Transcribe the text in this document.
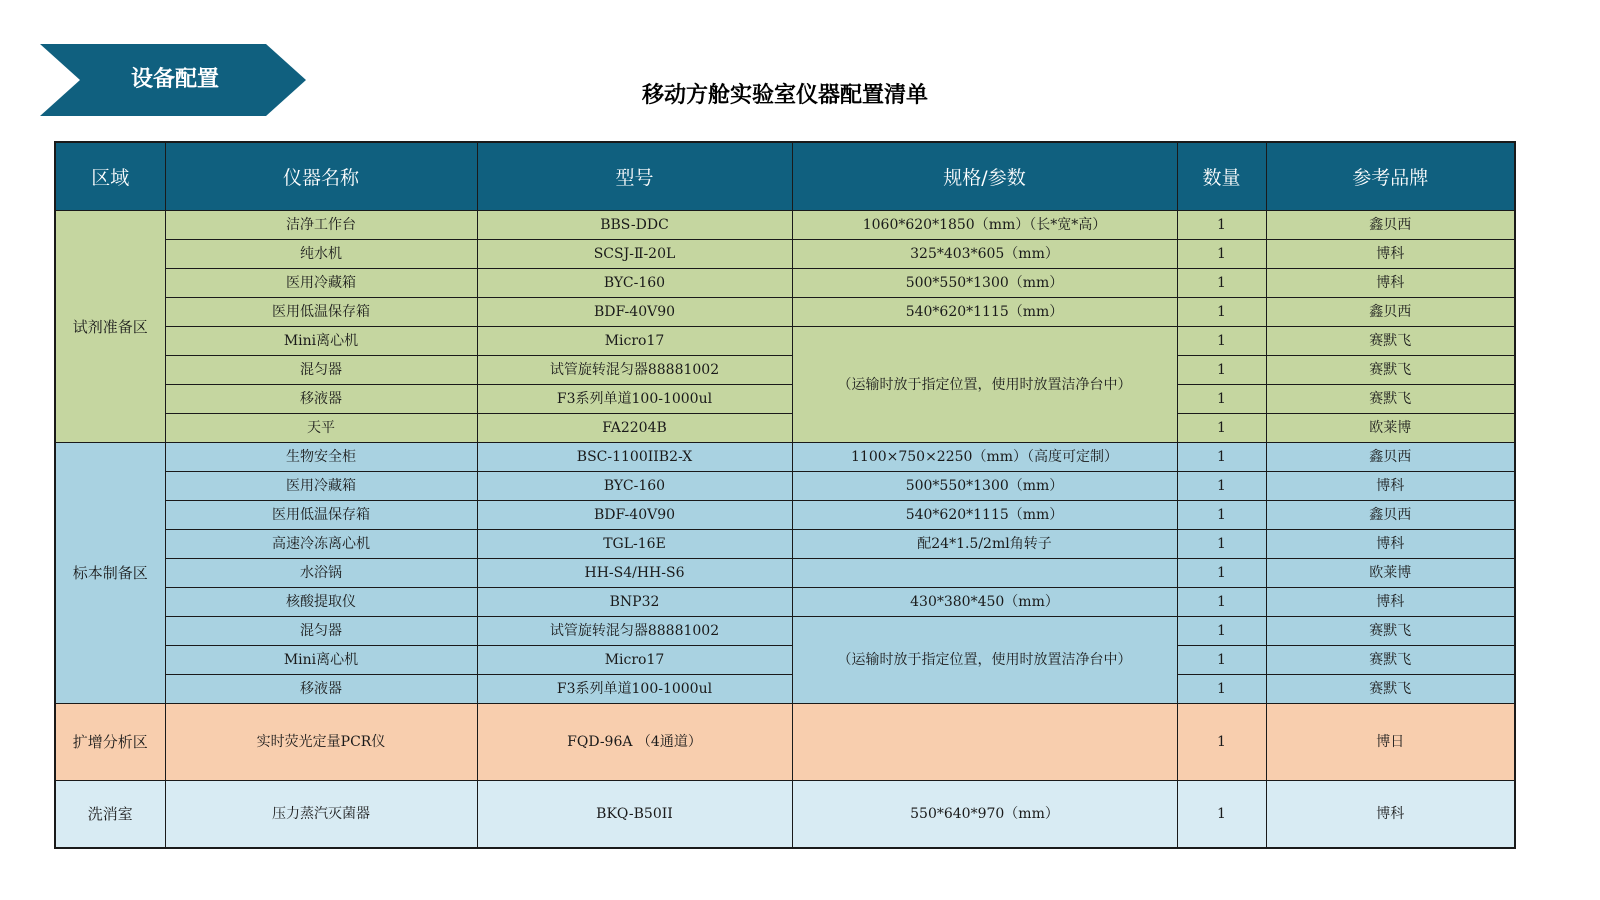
设备配置
移动方舱实验室仪器配置清单
区域	仪器名称	型号	规格/参数	数量	参考品牌
试剂准备区	洁净工作台	BBS-DDC	1060*620*1850（mm）（长*宽*高）	1	鑫贝西
	纯水机	SCSJ-Ⅱ-20L	325*403*605（mm）	1	博科
	医用冷藏箱	BYC-160	500*550*1300（mm）	1	博科
	医用低温保存箱	BDF-40V90	540*620*1115（mm）	1	鑫贝西
	Mini离心机	Micro17	（运输时放于指定位置，使用时放置洁净台中）	1	赛默飞
	混匀器	试管旋转混匀器88881002		1	赛默飞
	移液器	F3系列单道100-1000ul		1	赛默飞
	天平	FA2204B		1	欧莱博
标本制备区	生物安全柜	BSC-1100IIB2-X	1100×750×2250（mm）（高度可定制）	1	鑫贝西
	医用冷藏箱	BYC-160	500*550*1300（mm）	1	博科
	医用低温保存箱	BDF-40V90	540*620*1115（mm）	1	鑫贝西
	高速冷冻离心机	TGL-16E	配24*1.5/2ml角转子	1	博科
	水浴锅	HH-S4/HH-S6		1	欧莱博
	核酸提取仪	BNP32	430*380*450（mm）	1	博科
	混匀器	试管旋转混匀器88881002	（运输时放于指定位置，使用时放置洁净台中）	1	赛默飞
	Mini离心机	Micro17		1	赛默飞
	移液器	F3系列单道100-1000ul		1	赛默飞
扩增分析区	实时荧光定量PCR仪	FQD-96A （4通道）		1	博日
洗消室	压力蒸汽灭菌器	BKQ-B50II	550*640*970（mm）	1	博科
